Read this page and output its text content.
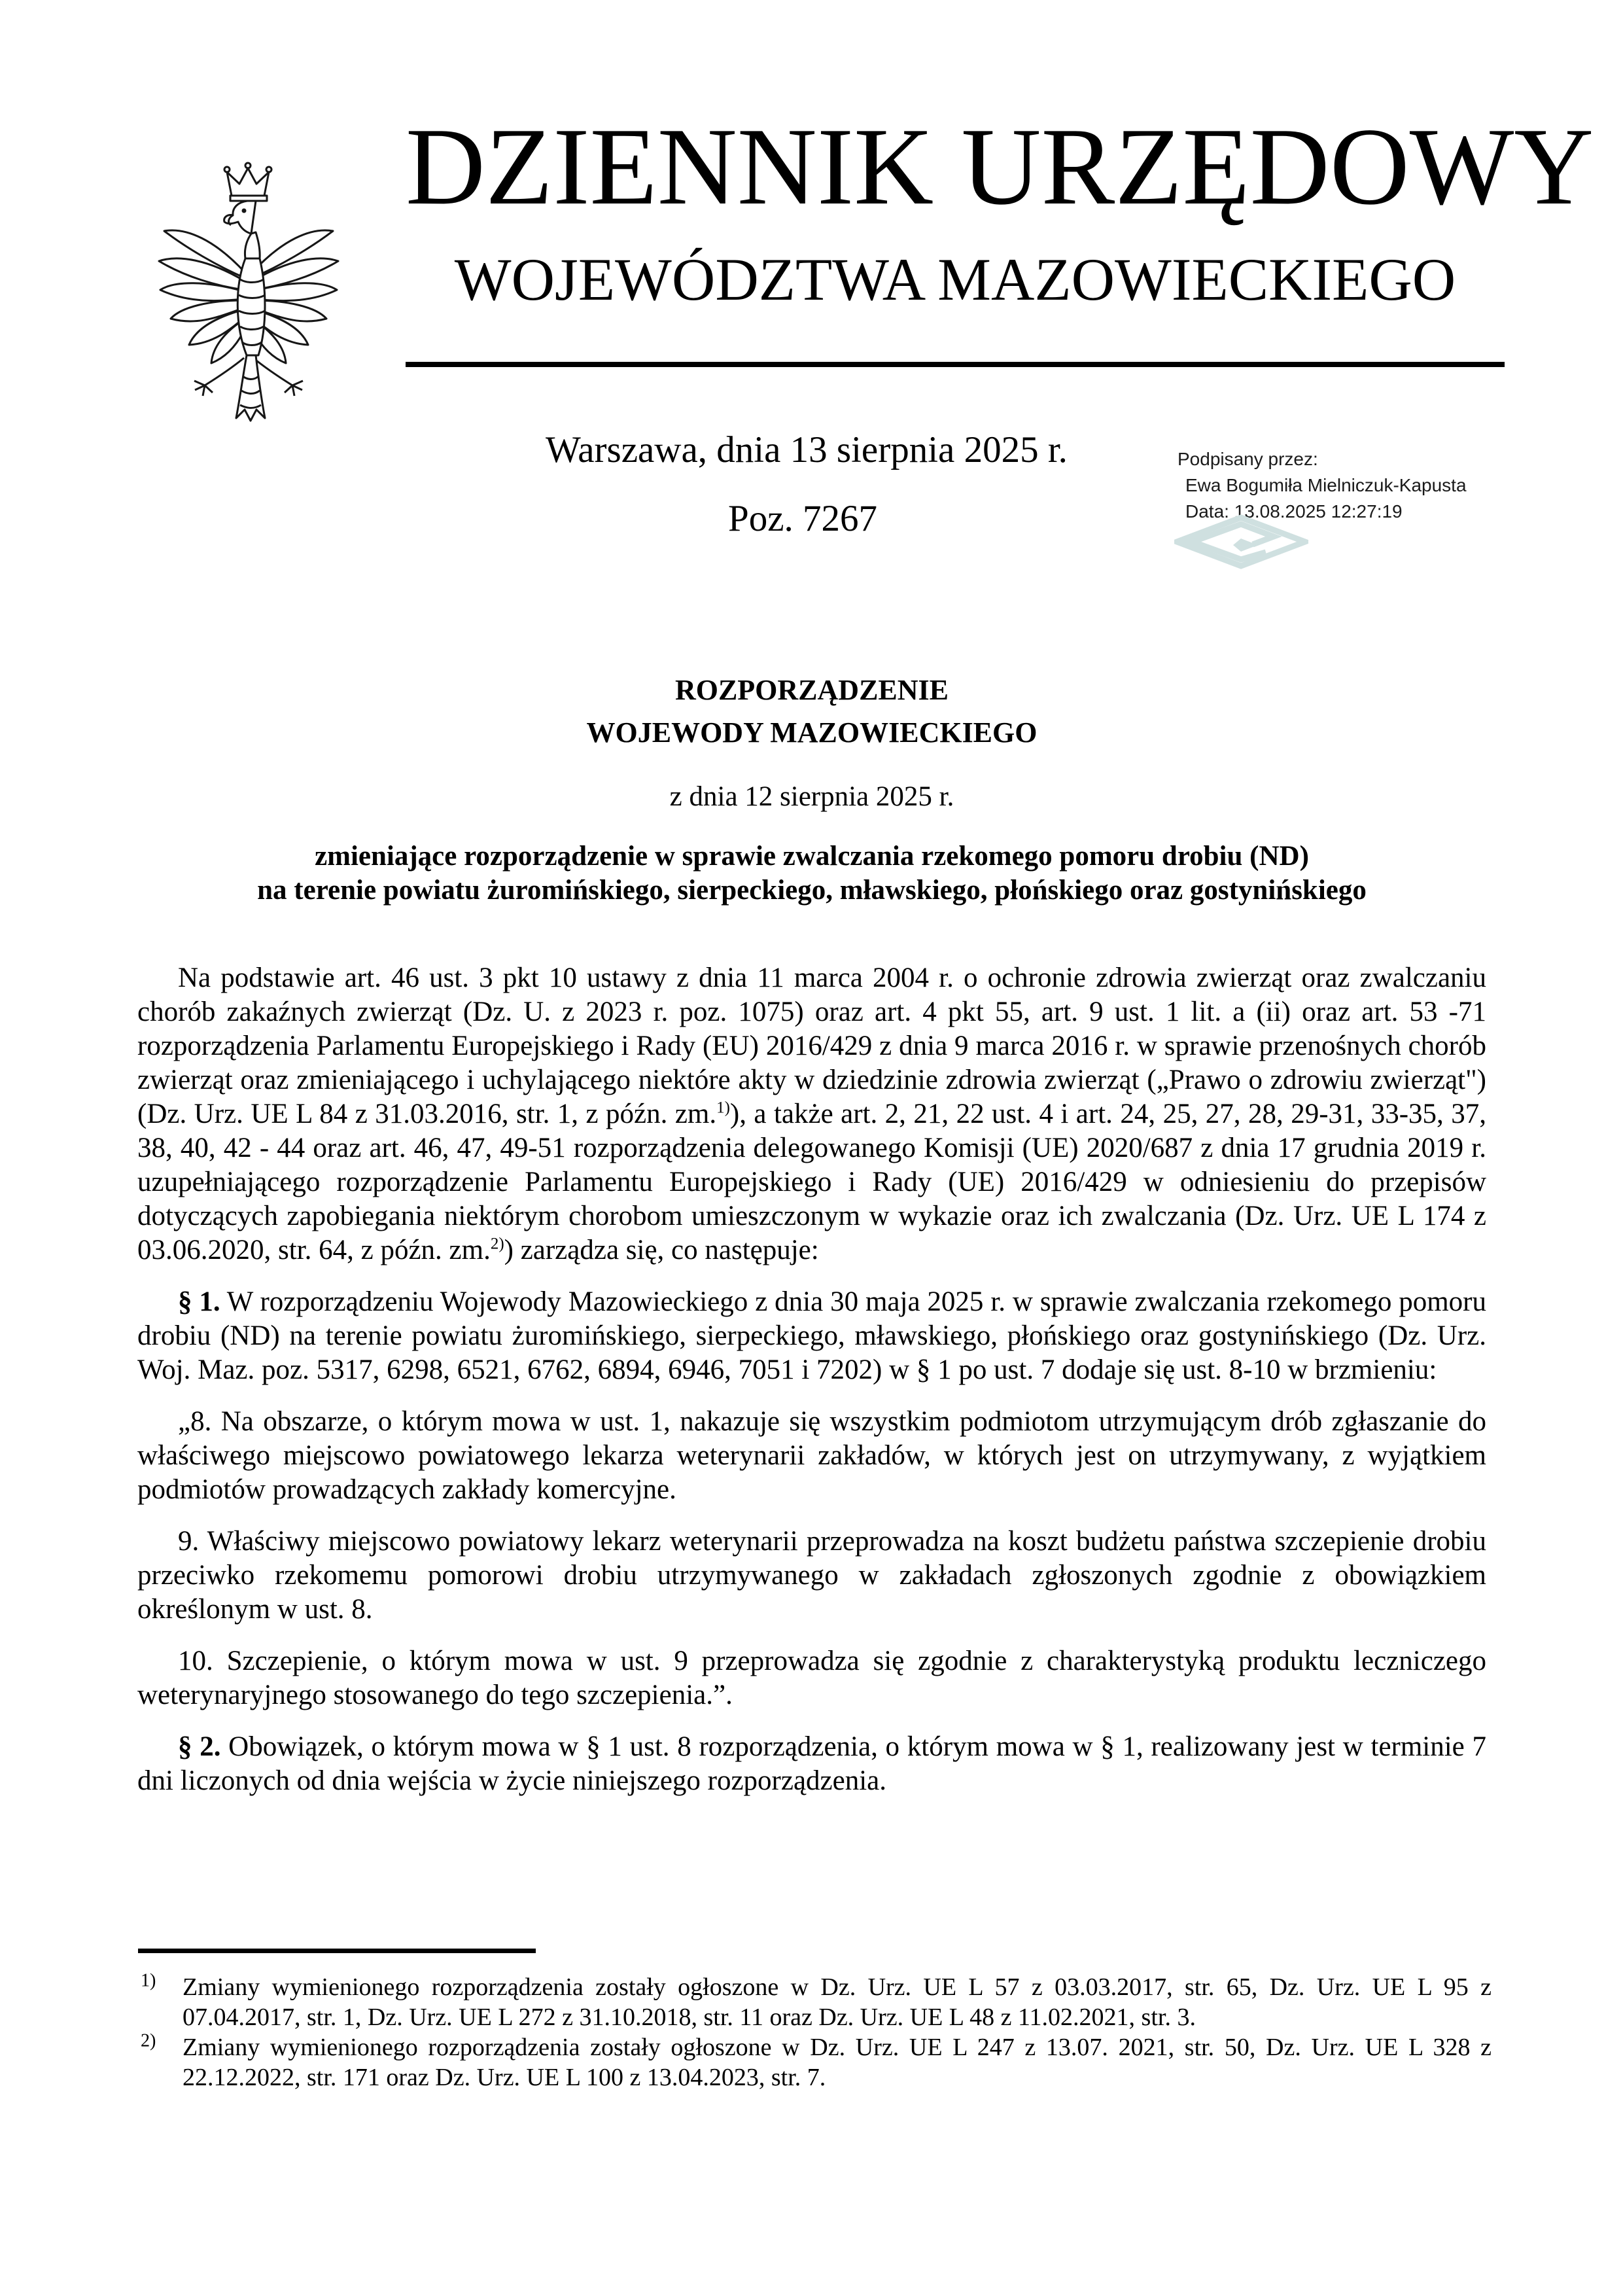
DZIENNIK URZĘDOWY
WOJEWÓDZTWA MAZOWIECKIEGO
Warszawa, dnia 13 sierpnia 2025 r.
Poz. 7267
Podpisany przez:
Ewa Bogumiła Mielniczuk-Kapusta
Data: 13.08.2025 12:27:19
ROZPORZĄDZENIE
WOJEWODY MAZOWIECKIEGO
z dnia 12 sierpnia 2025 r.
zmieniające rozporządzenie w sprawie zwalczania rzekomego pomoru drobiu (ND)
na terenie powiatu żuromińskiego, sierpeckiego, mławskiego, płońskiego oraz gostynińskiego

Na podstawie art. 46 ust. 3 pkt 10 ustawy z dnia 11 marca 2004 r. o ochronie zdrowia zwierząt oraz zwalczaniu chorób zakaźnych zwierząt (Dz. U. z 2023 r. poz. 1075) oraz art. 4 pkt 55, art. 9 ust. 1 lit. a (ii) oraz art. 53 -71 rozporządzenia Parlamentu Europejskiego i Rady (EU) 2016/429 z dnia 9 marca 2016 r. w sprawie przenośnych chorób zwierząt oraz zmieniającego i uchylającego niektóre akty w dziedzinie zdrowia zwierząt („Prawo o zdrowiu zwierząt") (Dz. Urz. UE L 84 z 31.03.2016, str. 1, z późn. zm.$^{1)}$), a także art. 2, 21, 22 ust. 4 i art. 24, 25, 27, 28, 29-31, 33-35, 37, 38, 40, 42 - 44 oraz art. 46, 47, 49-51 rozporządzenia delegowanego Komisji (UE) 2020/687 z dnia 17 grudnia 2019 r. uzupełniającego rozporządzenie Parlamentu Europejskiego i Rady (UE) 2016/429 w odniesieniu do przepisów dotyczących zapobiegania niektórym chorobom umieszczonym w wykazie oraz ich zwalczania (Dz. Urz. UE L 174 z 03.06.2020, str. 64, z późn. zm.$^{2)}$) zarządza się, co następuje:

§ 1. W rozporządzeniu Wojewody Mazowieckiego z dnia 30 maja 2025 r. w sprawie zwalczania rzekomego pomoru drobiu (ND) na terenie powiatu żuromińskiego, sierpeckiego, mławskiego, płońskiego oraz gostynińskiego (Dz. Urz. Woj. Maz. poz. 5317, 6298, 6521, 6762, 6894, 6946, 7051 i 7202) w § 1 po ust. 7 dodaje się ust. 8-10 w brzmieniu:

„8. Na obszarze, o którym mowa w ust. 1, nakazuje się wszystkim podmiotom utrzymującym drób zgłaszanie do właściwego miejscowo powiatowego lekarza weterynarii zakładów, w których jest on utrzymywany, z wyjątkiem podmiotów prowadzących zakłady komercyjne.

9. Właściwy miejscowo powiatowy lekarz weterynarii przeprowadza na koszt budżetu państwa szczepienie drobiu przeciwko rzekomemu pomorowi drobiu utrzymywanego w zakładach zgłoszonych zgodnie z obowiązkiem określonym w ust. 8.

10. Szczepienie, o którym mowa w ust. 9 przeprowadza się zgodnie z charakterystyką produktu leczniczego weterynaryjnego stosowanego do tego szczepienia.”.

§ 2. Obowiązek, o którym mowa w § 1 ust. 8 rozporządzenia, o którym mowa w § 1, realizowany jest w terminie 7 dni liczonych od dnia wejścia w życie niniejszego rozporządzenia.

$^{1)}$	Zmiany wymienionego rozporządzenia zostały ogłoszone w Dz. Urz. UE L 57 z 03.03.2017, str. 65, Dz. Urz. UE L 95 z 07.04.2017, str. 1, Dz. Urz. UE L 272 z 31.10.2018, str. 11 oraz Dz. Urz. UE L 48 z 11.02.2021, str. 3.
$^{2)}$	Zmiany wymienionego rozporządzenia zostały ogłoszone w Dz. Urz. UE L 247 z 13.07. 2021, str. 50, Dz. Urz. UE L 328 z 22.12.2022, str. 171 oraz Dz. Urz. UE L 100 z 13.04.2023, str. 7.
